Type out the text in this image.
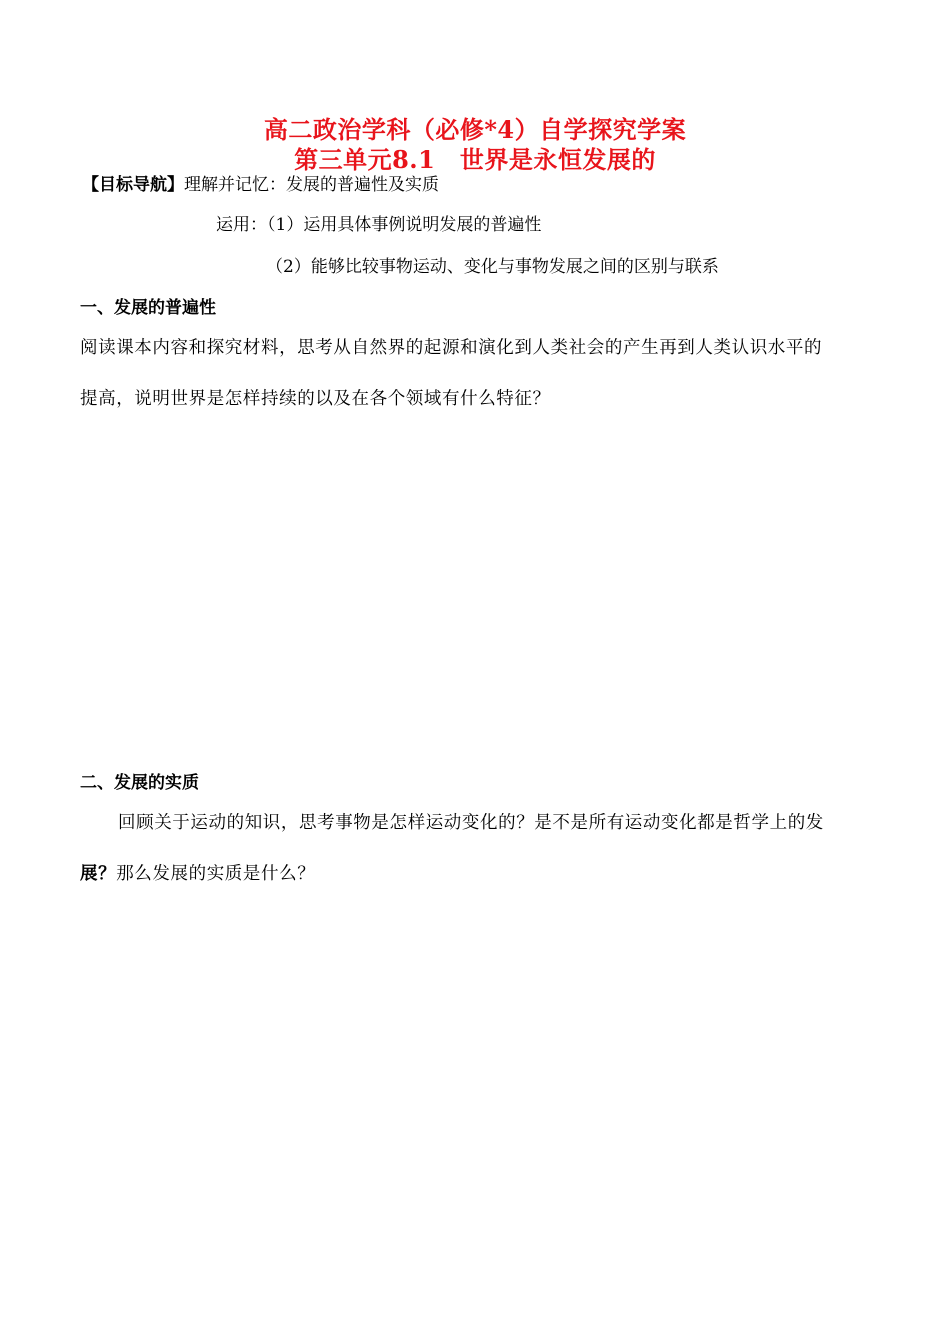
高二政治学科（必修*4）自学探究学案
第三单元8.1　世界是永恒发展的
【目标导航】理解并记忆：发展的普遍性及实质
运用：（1）运用具体事例说明发展的普遍性
（2）能够比较事物运动、变化与事物发展之间的区别与联系
一、发展的普遍性
阅读课本内容和探究材料，思考从自然界的起源和演化到人类社会的产生再到人类认识水平的
提高，说明世界是怎样持续的以及在各个领域有什么特征？
二、发展的实质
回顾关于运动的知识，思考事物是怎样运动变化的？是不是所有运动变化都是哲学上的发
展？那么发展的实质是什么？
